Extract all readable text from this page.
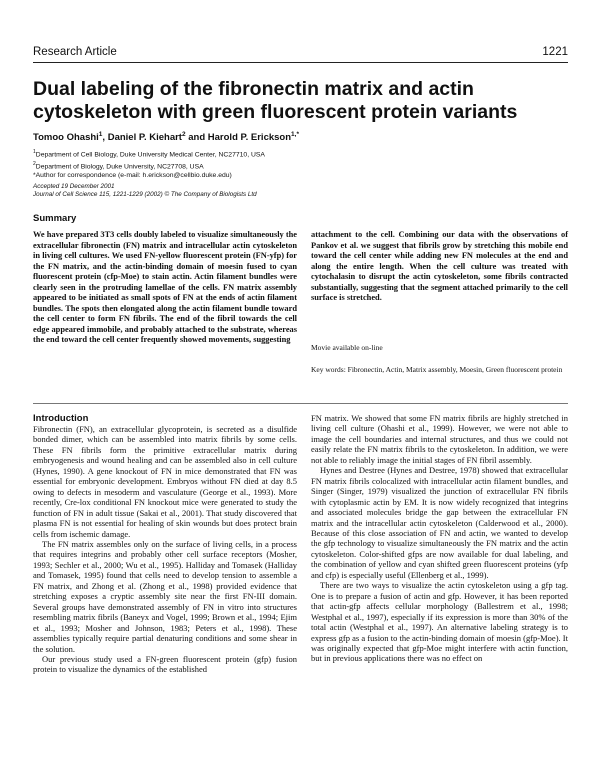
Research Article	1221
Dual labeling of the fibronectin matrix and actin cytoskeleton with green fluorescent protein variants
Tomoo Ohashi$^1$, Daniel P. Kiehart$^2$ and Harold P. Erickson$^{1,*}$
$^1$Department of Cell Biology, Duke University Medical Center, NC27710, USA
$^2$Department of Biology, Duke University, NC27708, USA
*Author for correspondence (e-mail: h.erickson@cellbio.duke.edu)
Accepted 19 December 2001
Journal of Cell Science 115, 1221-1229 (2002) © The Company of Biologists Ltd
Summary

We have prepared 3T3 cells doubly labeled to visualize simultaneously the extracellular fibronectin (FN) matrix and intracellular actin cytoskeleton in living cell cultures. We used FN-yellow fluorescent protein (FN-yfp) for the FN matrix, and the actin-binding domain of moesin fused to cyan fluorescent protein (cfp-Moe) to stain actin. Actin filament bundles were clearly seen in the protruding lamellae of the cells. FN matrix assembly appeared to be initiated as small spots of FN at the ends of actin filament bundles. The spots then elongated along the actin filament bundle toward the cell center to form FN fibrils. The end of the fibril towards the cell edge appeared immobile, and probably attached to the substrate, whereas the end toward the cell center frequently showed movements, suggesting

attachment to the cell. Combining our data with the observations of Pankov et al. we suggest that fibrils grow by stretching this mobile end toward the cell center while adding new FN molecules at the end and along the entire length. When the cell culture was treated with cytochalasin to disrupt the actin cytoskeleton, some fibrils contracted substantially, suggesting that the segment attached primarily to the cell surface is stretched.

Movie available on-line

Key words: Fibronectin, Actin, Matrix assembly, Moesin, Green fluorescent protein

Introduction

Fibronectin (FN), an extracellular glycoprotein, is secreted as a disulfide bonded dimer, which can be assembled into matrix fibrils by some cells. These FN fibrils form the primitive extracellular matrix during embryogenesis and wound healing and can be assembled also in cell culture (Hynes, 1990). A gene knockout of FN in mice demonstrated that FN was essential for embryonic development. Embryos without FN died at day 8.5 owing to defects in mesoderm and vasculature (George et al., 1993). More recently, Cre-lox conditional FN knockout mice were generated to study the function of FN in adult tissue (Sakai et al., 2001). That study discovered that plasma FN is not essential for healing of skin wounds but does protect brain cells from ischemic damage.

The FN matrix assembles only on the surface of living cells, in a process that requires integrins and probably other cell surface receptors (Mosher, 1993; Sechler et al., 2000; Wu et al., 1995). Halliday and Tomasek (Halliday and Tomasek, 1995) found that cells need to develop tension to assemble a FN matrix, and Zhong et al. (Zhong et al., 1998) provided evidence that stretching exposes a cryptic assembly site near the first FN-III domain. Several groups have demonstrated assembly of FN in vitro into structures resembling matrix fibrils (Baneyx and Vogel, 1999; Brown et al., 1994; Ejim et al., 1993; Mosher and Johnson, 1983; Peters et al., 1998). These assemblies typically require partial denaturing conditions and some shear in the solution.

Our previous study used a FN-green fluorescent protein (gfp) fusion protein to visualize the dynamics of the established

FN matrix. We showed that some FN matrix fibrils are highly stretched in living cell culture (Ohashi et al., 1999). However, we were not able to image the cell boundaries and internal structures, and thus we could not easily relate the FN matrix fibrils to the cytoskeleton. In addition, we were not able to reliably image the initial stages of FN fibril assembly.

Hynes and Destree (Hynes and Destree, 1978) showed that extracellular FN matrix fibrils colocalized with intracellular actin filament bundles, and Singer (Singer, 1979) visualized the junction of extracellular FN fibrils with cytoplasmic actin by EM. It is now widely recognized that integrins and associated molecules bridge the gap between the extracellular FN matrix and the intracellular actin cytoskeleton (Calderwood et al., 2000). Because of this close association of FN and actin, we wanted to develop the gfp technology to visualize simultaneously the FN matrix and the actin cytoskeleton. Color-shifted gfps are now available for dual labeling, and the combination of yellow and cyan shifted green fluorescent proteins (yfp and cfp) is especially useful (Ellenberg et al., 1999).

There are two ways to visualize the actin cytoskeleton using a gfp tag. One is to prepare a fusion of actin and gfp. However, it has been reported that actin-gfp affects cellular morphology (Ballestrem et al., 1998; Westphal et al., 1997), especially if its expression is more than 30% of the total actin (Westphal et al., 1997). An alternative labeling strategy is to express gfp as a fusion to the actin-binding domain of moesin (gfp-Moe). It was originally expected that gfp-Moe might interfere with actin function, but in previous applications there was no effect on
